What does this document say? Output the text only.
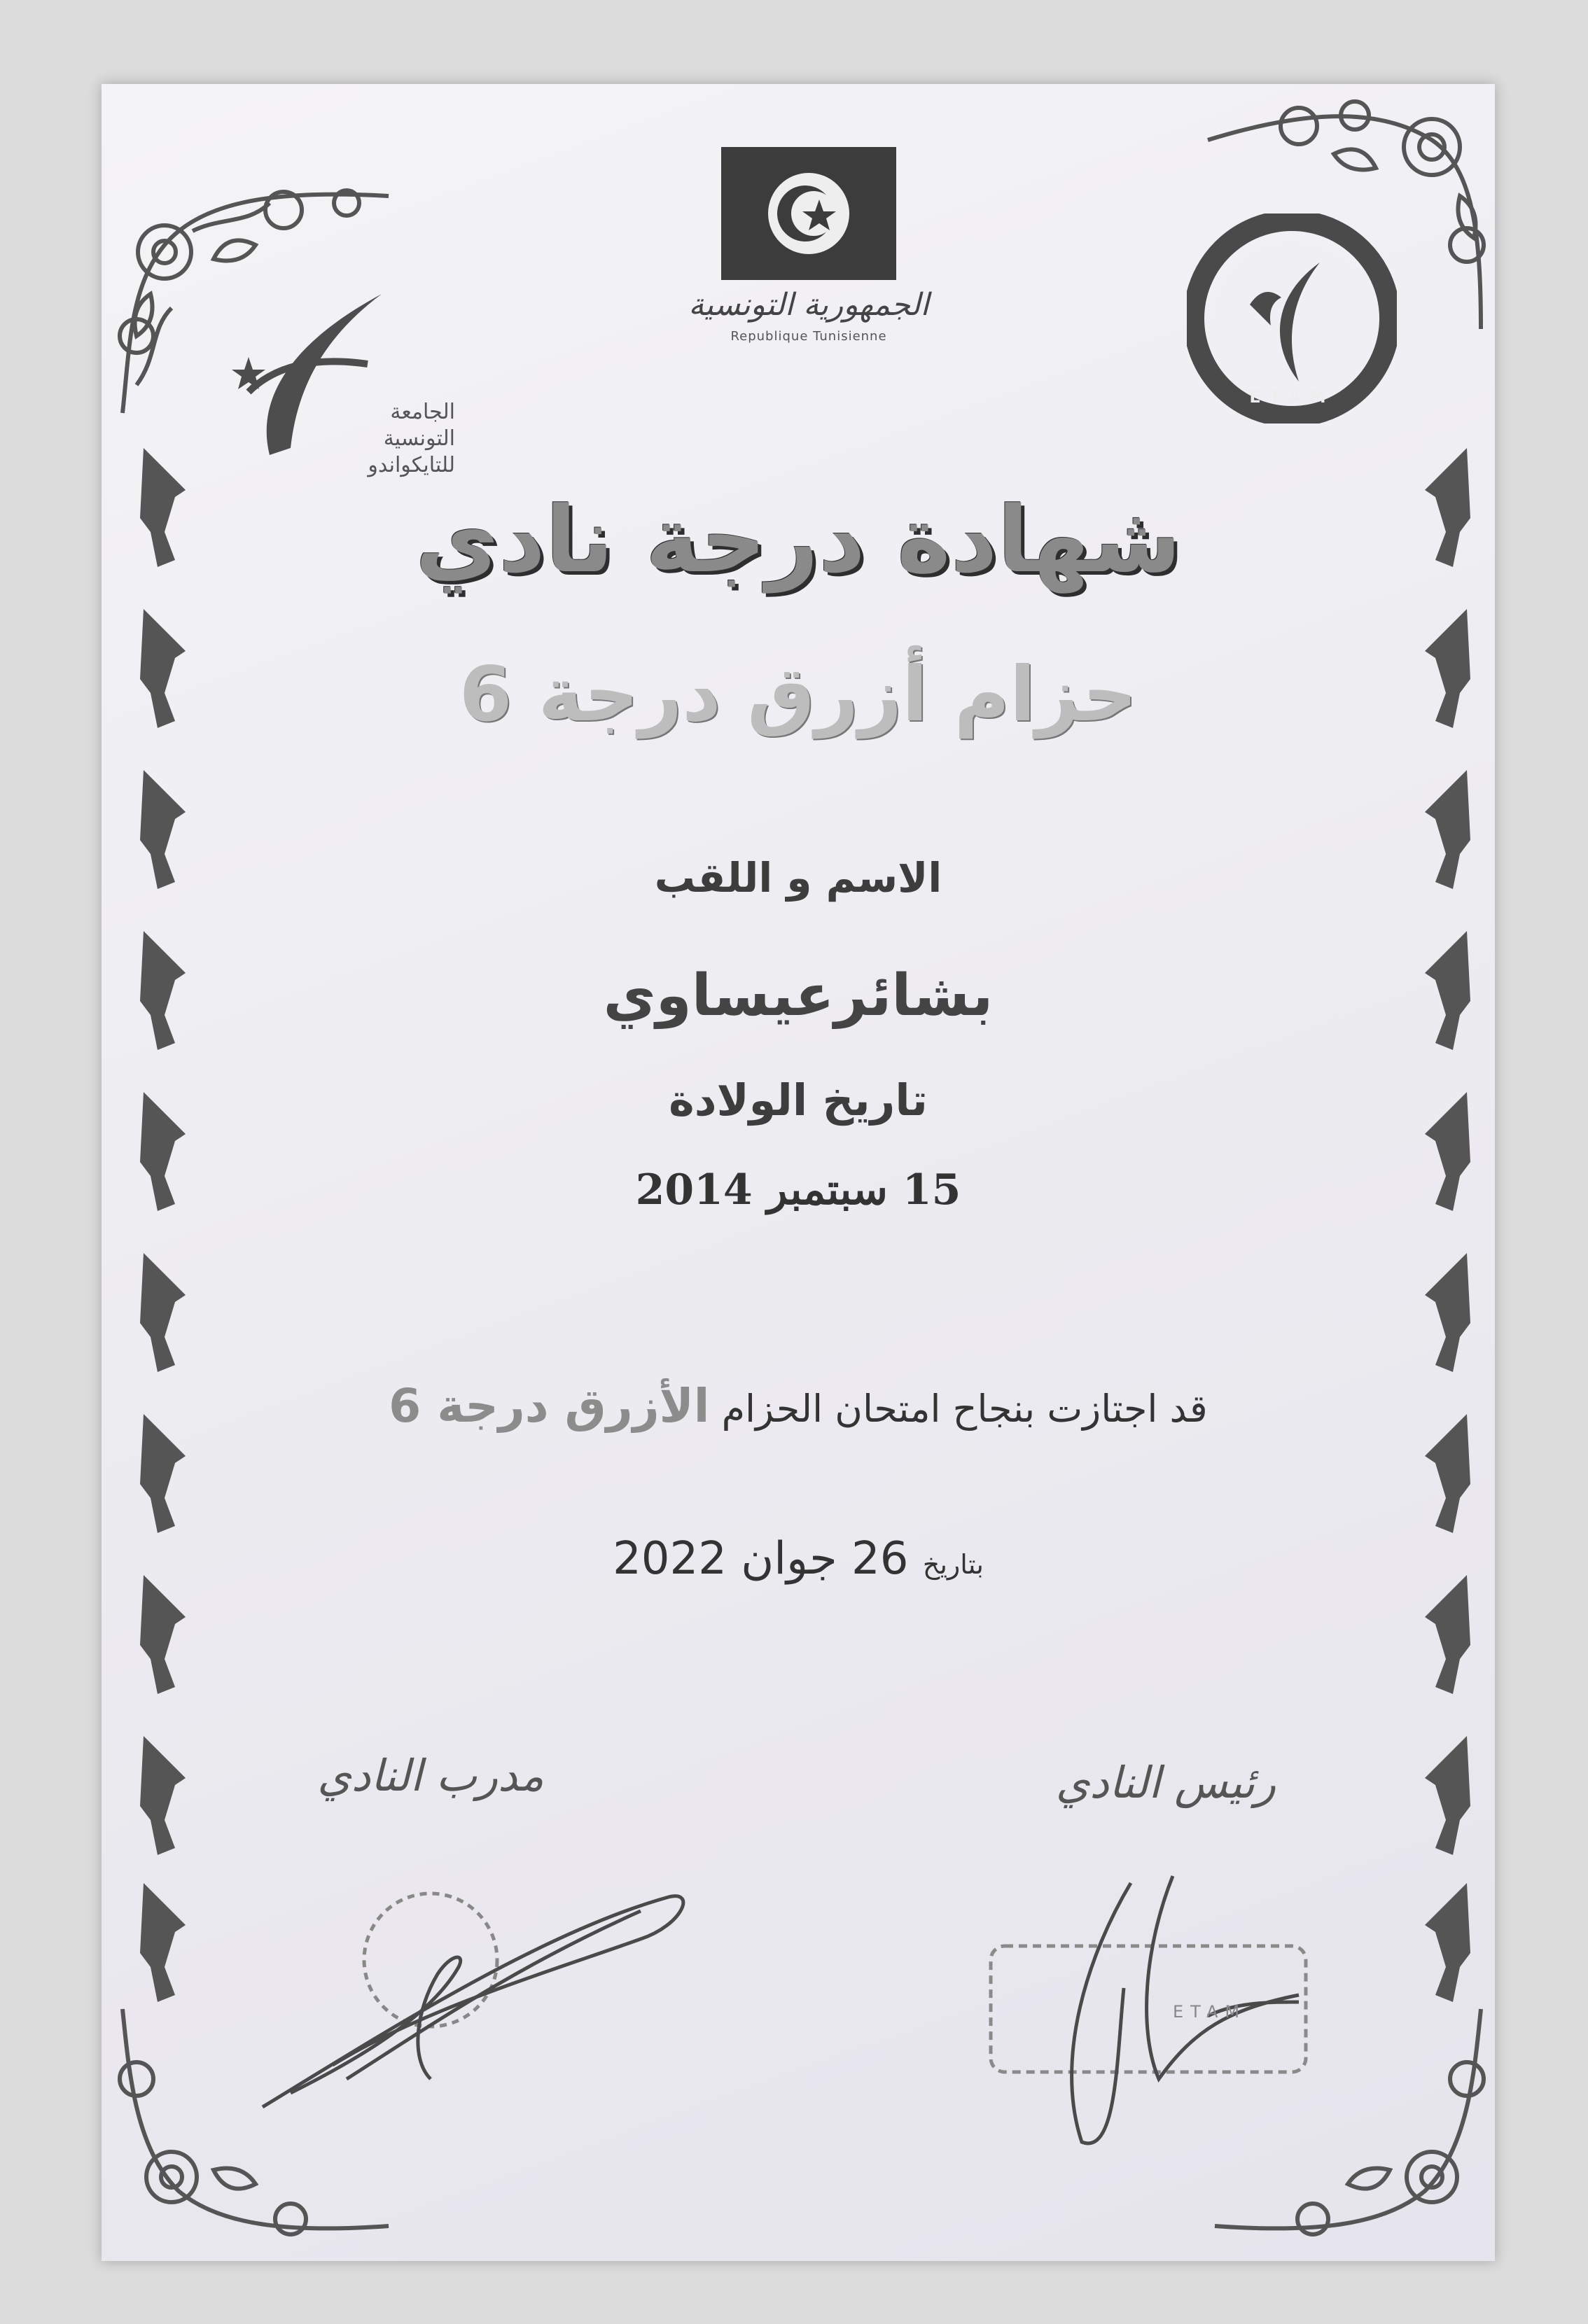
الجمهورية التونسية
Republique Tunisienne
الجامعة
التونسية
للتايكواندو
ETAM
شهادة درجة نادي
حزام أزرق درجة 6
الاسم و اللقب
بشائرعيساوي
تاريخ الولادة
15 سبتمبر 2014
قد اجتازت بنجاح امتحان الحزام الأزرق درجة 6
بتاريخ 26 جوان 2022
مدرب النادي	رئيس النادي
ETAM
